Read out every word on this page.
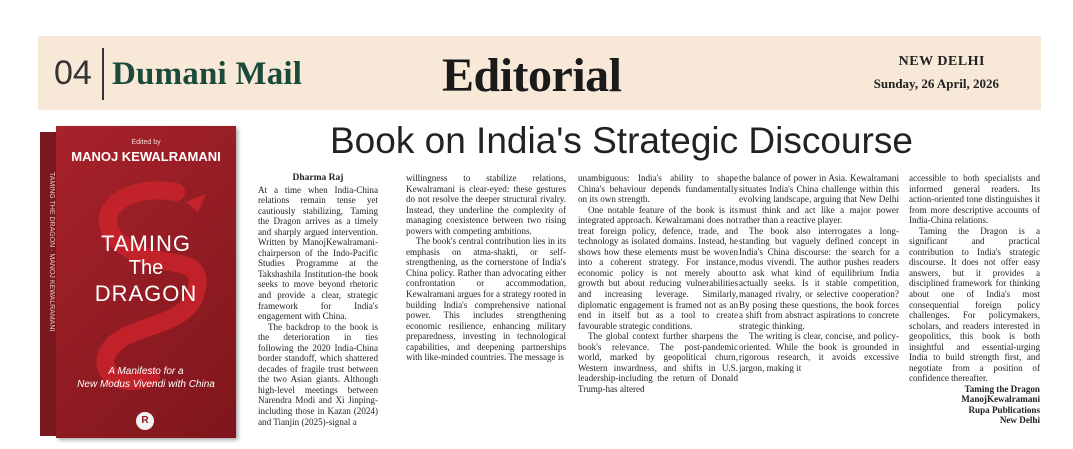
04 Dumani Mail	Editorial	NEW DELHI
Sunday, 26 April, 2026
Book on India's Strategic Discourse
TAMING THE DRAGON · MANOJ KEWALRAMANI
Edited by
MANOJ KEWALRAMANI
TAMING
The
DRAGON
A Manifesto for a
New Modus Vivendi with China
R
Dharma Raj

At a time when India-China relations remain tense yet cautiously stabilizing, Taming the Dragon arrives as a timely and sharply argued intervention. Written by ManojKewalramani-chairperson of the Indo-Pacific Studies Programme at the Takshashila Institution-the book seeks to move beyond rhetoric and provide a clear, strategic framework for India's engagement with China.

The backdrop to the book is the deterioration in ties following the 2020 India-China border standoff, which shattered decades of fragile trust between the two Asian giants. Although high-level meetings between Narendra Modi and Xi Jinping-including those in Kazan (2024) and Tianjin (2025)-signal a

willingness to stabilize relations, Kewalramani is clear-eyed: these gestures do not resolve the deeper structural rivalry. Instead, they underline the complexity of managing coexistence between two rising powers with competing ambitions.

The book's central contribution lies in its emphasis on atma-shakti, or self-strengthening, as the cornerstone of India's China policy. Rather than advocating either confrontation or accommodation, Kewalramani argues for a strategy rooted in building India's comprehensive national power. This includes strengthening economic resilience, enhancing military preparedness, investing in technological capabilities, and deepening partnerships with like-minded countries. The message is

unambiguous: India's ability to shape China's behaviour depends fundamentally on its own strength.

One notable feature of the book is its integrated approach. Kewalramani does not treat foreign policy, defence, trade, and technology as isolated domains. Instead, he shows how these elements must be woven into a coherent strategy. For instance, economic policy is not merely about growth but about reducing vulnerabilities and increasing leverage. Similarly, diplomatic engagement is framed not as an end in itself but as a tool to create favourable strategic conditions.

The global context further sharpens the book's relevance. The post-pandemic world, marked by geopolitical churn, Western inwardness, and shifts in U.S. leadership-including the return of Donald Trump-has altered

the balance of power in Asia. Kewalramani situates India's China challenge within this evolving landscape, arguing that New Delhi must think and act like a major power rather than a reactive player.

The book also interrogates a long-standing but vaguely defined concept in India's China discourse: the search for a modus vivendi. The author pushes readers to ask what kind of equilibrium India actually seeks. Is it stable competition, managed rivalry, or selective cooperation? By posing these questions, the book forces a shift from abstract aspirations to concrete strategic thinking.

The writing is clear, concise, and policy-oriented. While the book is grounded in rigorous research, it avoids excessive jargon, making it

accessible to both specialists and informed general readers. Its action-oriented tone distinguishes it from more descriptive accounts of India-China relations.

Taming the Dragon is a significant and practical contribution to India's strategic discourse. It does not offer easy answers, but it provides a disciplined framework for thinking about one of India's most consequential foreign policy challenges. For policymakers, scholars, and readers interested in geopolitics, this book is both insightful and essential-urging India to build strength first, and negotiate from a position of confidence thereafter.

Taming the Dragon
ManojKewalramani
Rupa Publications
New Delhi
